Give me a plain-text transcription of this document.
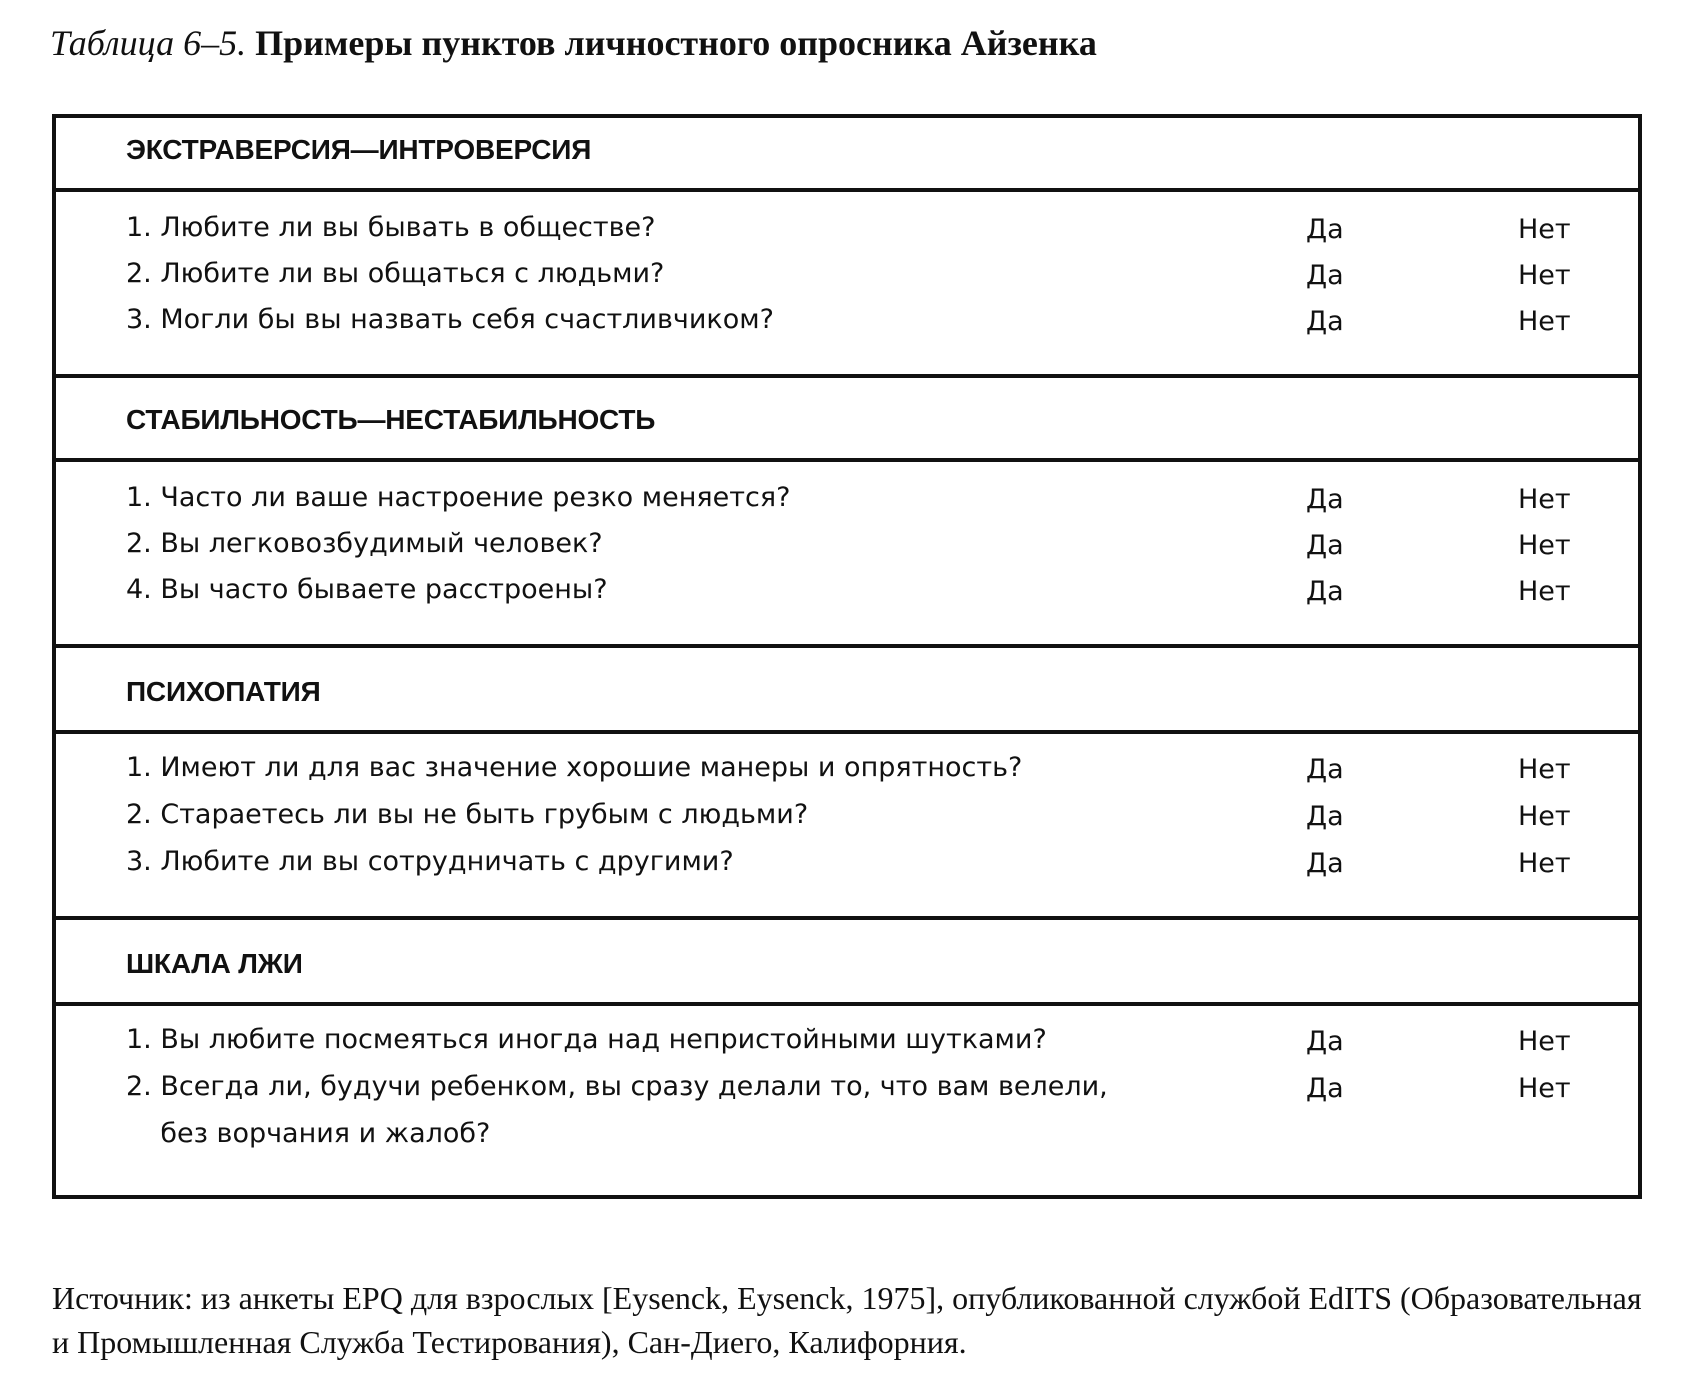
Таблица 6–5. Примеры пунктов личностного опросника Айзенка
ЭКСТРАВЕРСИЯ—ИНТРОВЕРСИЯ
1. Любите ли вы бывать в обществе?	Да	Нет
2. Любите ли вы общаться с людьми?	Да	Нет
3. Могли бы вы назвать себя счастливчиком?	Да	Нет
СТАБИЛЬНОСТЬ—НЕСТАБИЛЬНОСТЬ
1. Часто ли ваше настроение резко меняется?	Да	Нет
2. Вы легковозбудимый человек?	Да	Нет
4. Вы часто бываете расстроены?	Да	Нет
ПСИХОПАТИЯ
1. Имеют ли для вас значение хорошие манеры и опрятность?	Да	Нет
2. Стараетесь ли вы не быть грубым с людьми?	Да	Нет
3. Любите ли вы сотрудничать с другими?	Да	Нет
ШКАЛА ЛЖИ
1. Вы любите посмеяться иногда над непристойными шутками?	Да	Нет
2. Всегда ли, будучи ребенком, вы сразу делали то, что вам велели,	Да	Нет
без ворчания и жалоб?
Источник: из анкеты EPQ для взрослых [Eysenck, Eysenck, 1975], опубликованной службой EdITS (Образовательная и Промышленная Служба Тестирования), Сан-Диего, Калифорния.
